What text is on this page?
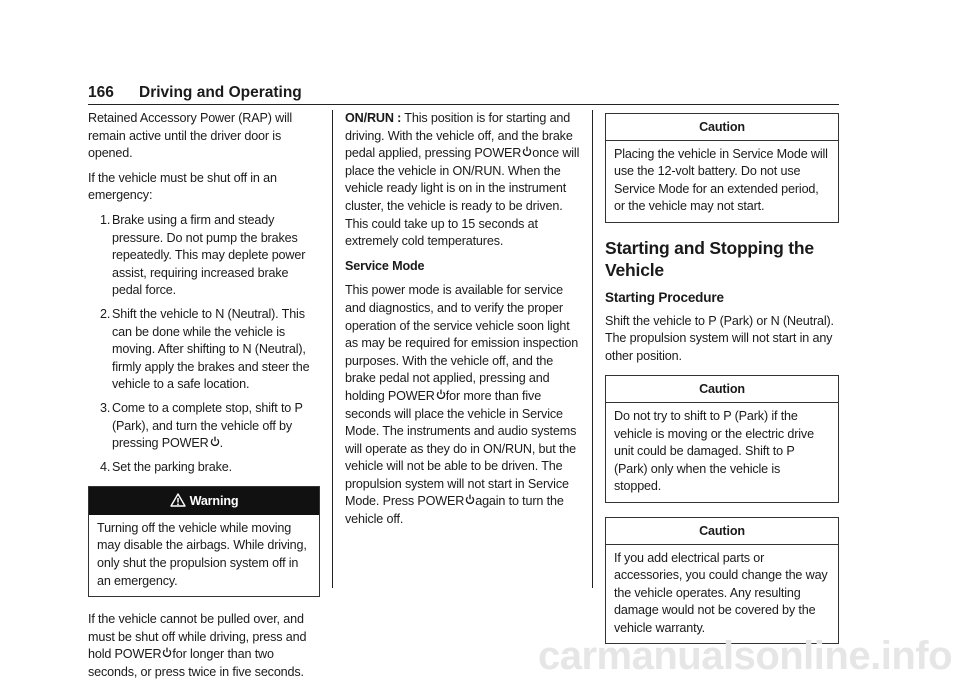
166 Driving and Operating

Retained Accessory Power (RAP) will remain active until the driver door is opened.

If the vehicle must be shut off in an emergency:

1. Brake using a firm and steady pressure. Do not pump the brakes repeatedly. This may deplete power assist, requiring increased brake pedal force.
2. Shift the vehicle to N (Neutral). This can be done while the vehicle is moving. After shifting to N (Neutral), firmly apply the brakes and steer the vehicle to a safe location.
3. Come to a complete stop, shift to P (Park), and turn the vehicle off by pressing POWER .
4. Set the parking brake.
Warning
Turning off the vehicle while moving may disable the airbags. While driving, only shut the propulsion system off in an emergency.

If the vehicle cannot be pulled over, and must be shut off while driving, press and hold POWER for longer than two seconds, or press twice in five seconds.

ON/RUN : This position is for starting and driving. With the vehicle off, and the brake pedal applied, pressing POWER once will place the vehicle in ON/RUN. When the vehicle ready light is on in the instrument cluster, the vehicle is ready to be driven. This could take up to 15 seconds at extremely cold temperatures.

Service Mode

This power mode is available for service and diagnostics, and to verify the proper operation of the service vehicle soon light as may be required for emission inspection purposes. With the vehicle off, and the brake pedal not applied, pressing and holding POWER for more than five seconds will place the vehicle in Service Mode. The instruments and audio systems will operate as they do in ON/RUN, but the vehicle will not be able to be driven. The propulsion system will not start in Service Mode. Press POWER again to turn the vehicle off.

Caution
Placing the vehicle in Service Mode will use the 12-volt battery. Do not use Service Mode for an extended period, or the vehicle may not start.
Starting and Stopping the Vehicle
Starting Procedure

Shift the vehicle to P (Park) or N (Neutral). The propulsion system will not start in any other position.

Caution
Do not try to shift to P (Park) if the vehicle is moving or the electric drive unit could be damaged. Shift to P (Park) only when the vehicle is stopped.
Caution
If you add electrical parts or accessories, you could change the way the vehicle operates. Any resulting damage would not be covered by the vehicle warranty.
carmanualsonline.info
